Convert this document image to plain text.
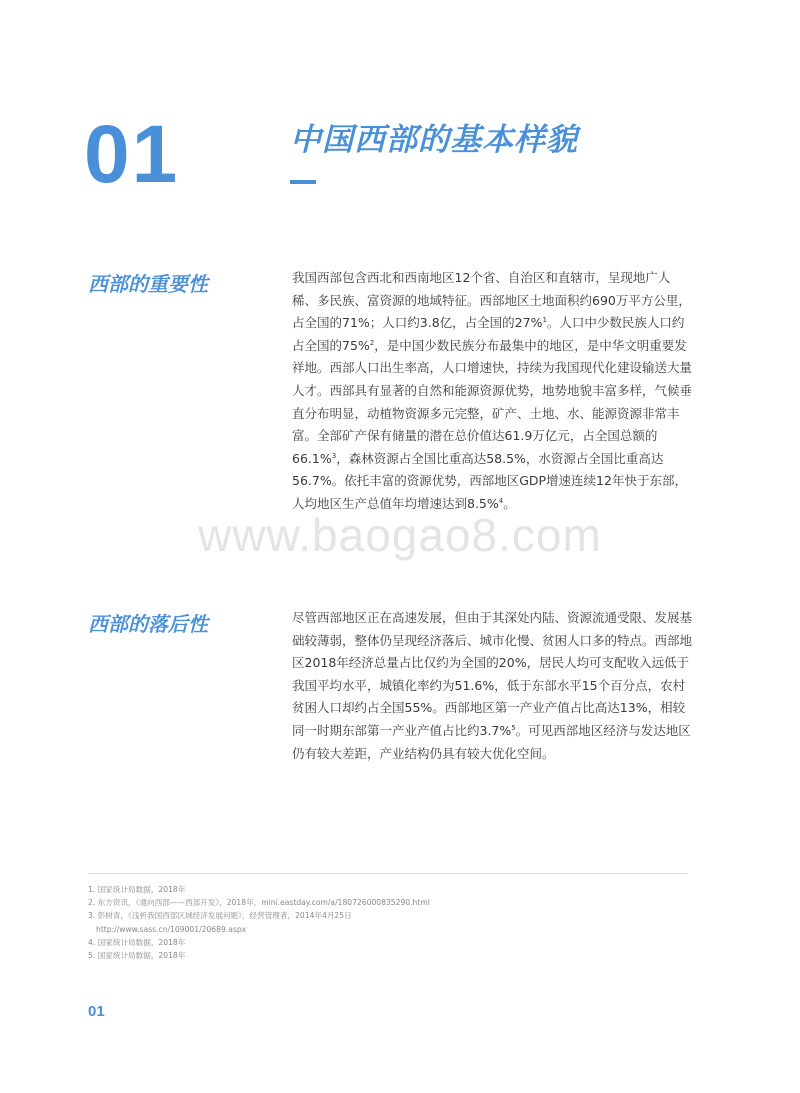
01	中国西部的基本样貌
西部的重要性	我国西部包含西北和西南地区12个省、自治区和直辖市，呈现地广人稀、多民族、富资源的地域特征。西部地区土地面积约690万平方公里，占全国的71%；人口约3.8亿，占全国的27%$^1$。人口中少数民族人口约占全国的75%$^2$，是中国少数民族分布最集中的地区，是中华文明重要发祥地。西部人口出生率高，人口增速快，持续为我国现代化建设输送大量人才。西部具有显著的自然和能源资源优势，地势地貌丰富多样，气候垂直分布明显，动植物资源多元完整，矿产、土地、水、能源资源非常丰富。全部矿产保有储量的潜在总价值达61.9万亿元，占全国总额的66.1%$^3$，森林资源占全国比重高达58.5%，水资源占全国比重高达56.7%。依托丰富的资源优势，西部地区GDP增速连续12年快于东部，人均地区生产总值年均增速达到8.5%$^4$。

www.baogao8.com
西部的落后性	尽管西部地区正在高速发展，但由于其深处内陆、资源流通受限、发展基础较薄弱，整体仍呈现经济落后、城市化慢、贫困人口多的特点。西部地区2018年经济总量占比仅约为全国的20%，居民人均可支配收入远低于我国平均水平，城镇化率约为51.6%，低于东部水平15个百分点，农村贫困人口却约占全国55%。西部地区第一产业产值占比高达13%，相较同一时期东部第一产业产值占比约3.7%$^5$。可见西部地区经济与发达地区仍有较大差距，产业结构仍具有较大优化空间。

1. 国家统计局数据，2018年
2. 东方资讯，《通向西部——西部开发》，2018年，mini.eastday.com/a/180726000835290.html
3. 彭树青，《浅析我国西部区域经济发展问题》，经营管理者，2014年4月25日
http://www.sass.cn/109001/20689.aspx
4. 国家统计局数据，2018年
5. 国家统计局数据，2018年
01
